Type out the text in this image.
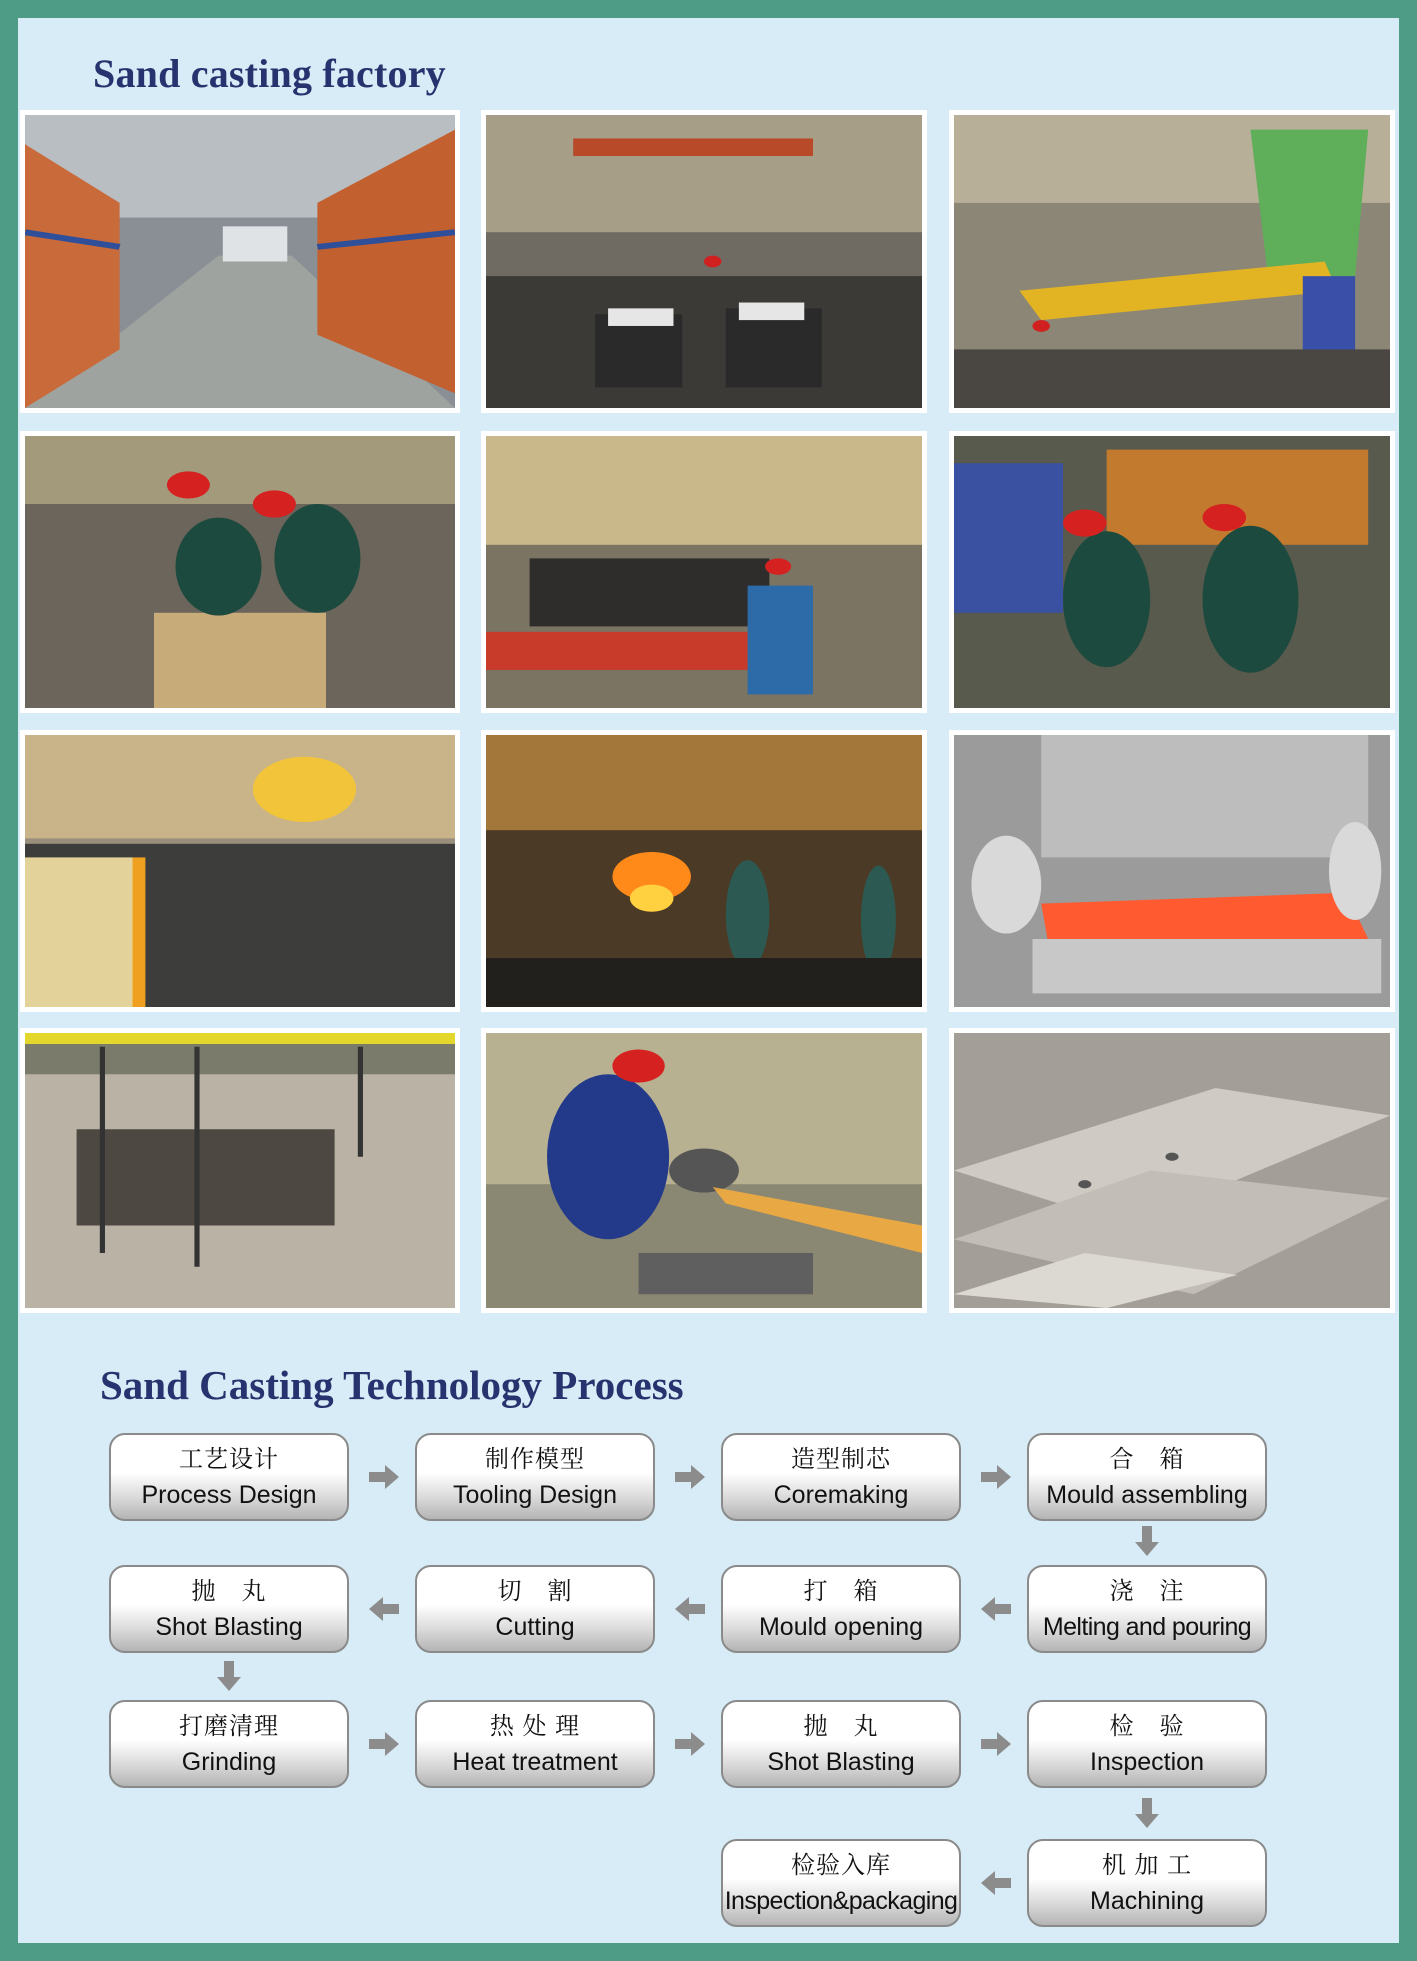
Sand casting factory
Sand Casting Technology Process
工艺设计
Process Design
制作模型
Tooling Design
造型制芯
Coremaking
合　箱
Mould assembling
抛　丸
Shot Blasting
切　割
Cutting
打　箱
Mould opening
浇　注
Melting and pouring
打磨清理
Grinding
热 处 理
Heat treatment
抛　丸
Shot Blasting
检　验
Inspection
检验入库
Inspection&packaging
机 加 工
Machining
